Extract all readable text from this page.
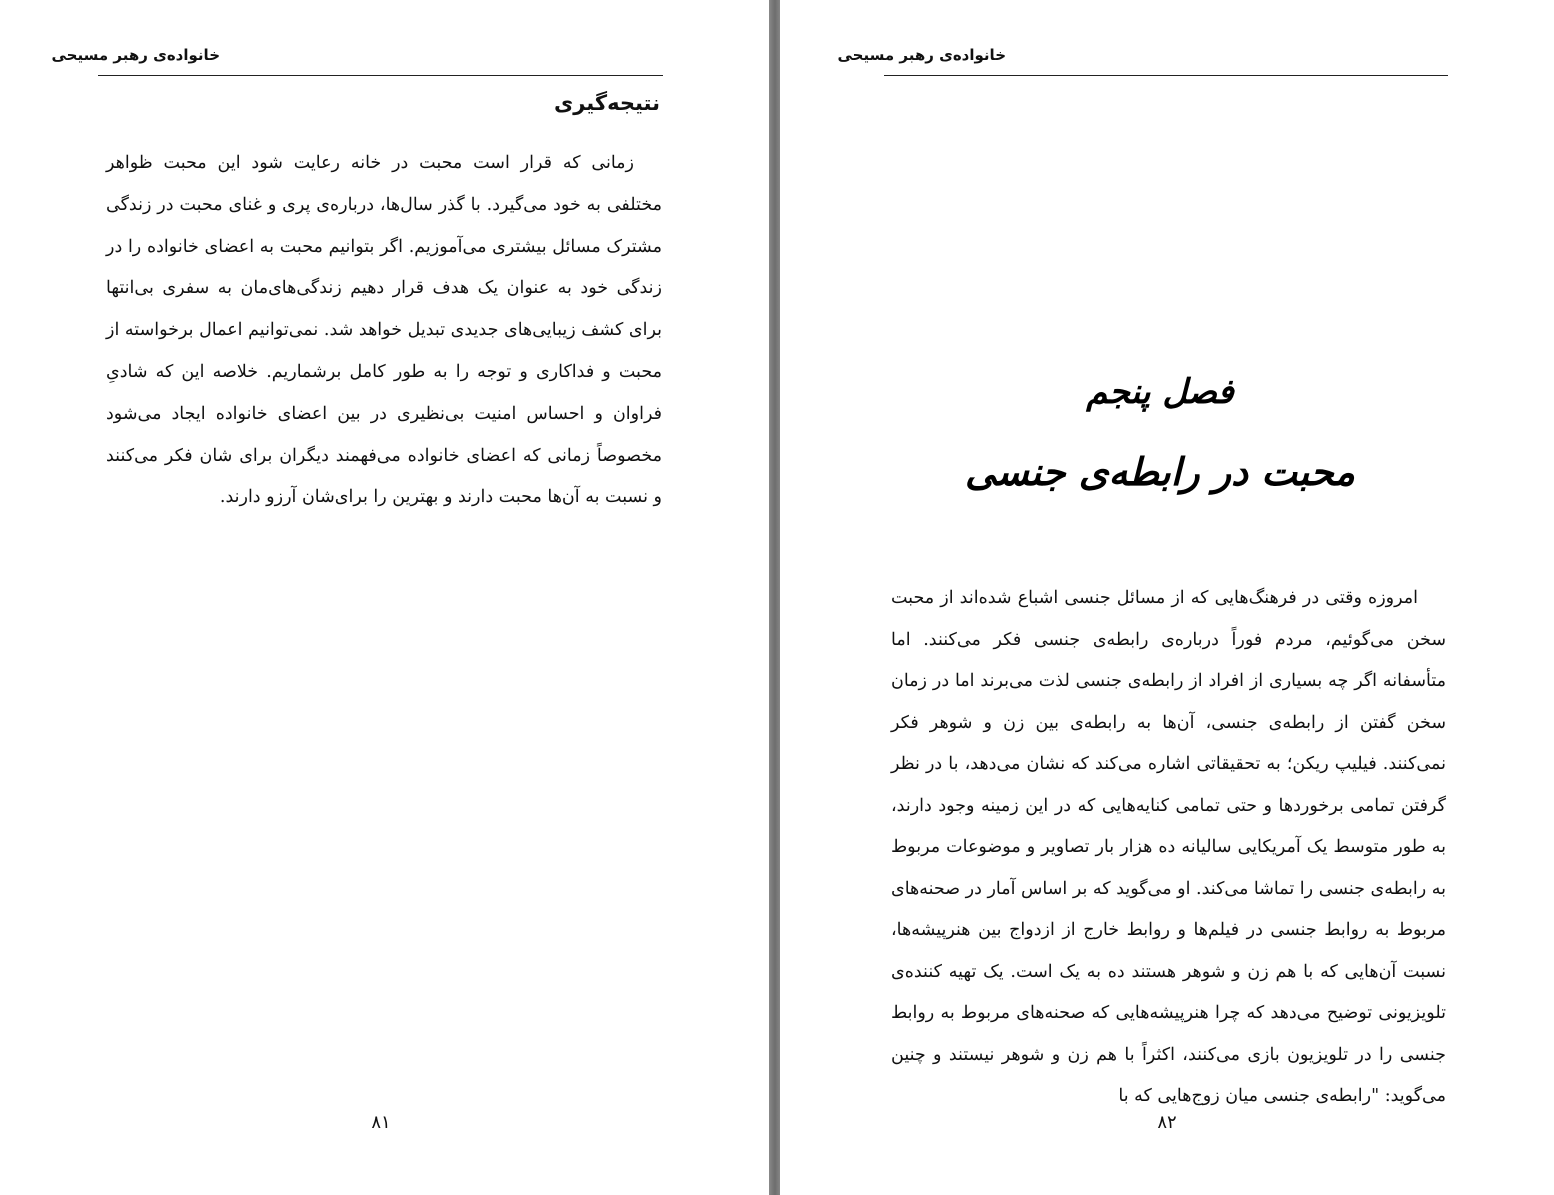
خانواده‌ی رهبر مسیحی
نتیجه‌گیری

زمانی که قرار است محبت در خانه رعایت شود این محبت ظواهر مختلفی به خود می‌گیرد. با گذر سال‌ها، درباره‌ی پری و غنای محبت در زندگی مشترک مسائل بیشتری می‌آموزیم. اگر بتوانیم محبت به اعضای خانواده را در زندگی خود به عنوان یک هدف قرار دهیم زندگی‌های‌مان به سفری بی‌انتها برای کشف زیبایی‌های جدیدی تبدیل خواهد شد. نمی‌توانیم اعمال برخواسته از محبت و فداکاری و توجه را به طور کامل برشماریم. خلاصه این که شادیِ فراوان و احساس امنیت بی‌نظیری در بین اعضای خانواده ایجاد می‌شود مخصوصاً زمانی که اعضای خانواده می‌فهمند دیگران برای شان فکر می‌کنند و نسبت به آن‌ها محبت دارند و بهترین را برای‌شان آرزو دارند.

۸۱
خانواده‌ی رهبر مسیحی
فصل پنجم
محبت در رابطه‌ی جنسی

امروزه وقتی در فرهنگ‌هایی که از مسائل جنسی اشباع شده‌اند از محبت سخن می‌گوئیم، مردم فوراً درباره‌ی رابطه‌ی جنسی فکر می‌کنند. اما متأسفانه اگر چه بسیاری از افراد از رابطه‌ی جنسی لذت می‌برند اما در زمان سخن گفتن از رابطه‌ی جنسی، آن‌ها به رابطه‌ی بین زن و شوهر فکر نمی‌کنند. فیلیپ ریکن؛ به تحقیقاتی اشاره می‌کند که نشان می‌دهد، با در نظر گرفتن تمامی برخوردها و حتی تمامی کنایه‌هایی که در این زمینه وجود دارند، به طور متوسط یک آمریکایی سالیانه ده هزار بار تصاویر و موضوعات مربوط به رابطه‌ی جنسی را تماشا می‌کند. او می‌گوید که بر اساس آمار در صحنه‌های مربوط به روابط جنسی در فیلم‌ها و روابط خارج از ازدواج بین هنرپیشه‌ها، نسبت آن‌هایی که با هم زن و شوهر هستند ده به یک است. یک تهیه کننده‌ی تلویزیونی توضیح می‌دهد که چرا هنرپیشه‌هایی که صحنه‌های مربوط به روابط جنسی را در تلویزیون بازی می‌کنند، اکثراً با هم زن و شوهر نیستند و چنین می‌گوید: "رابطه‌ی جنسی میان زوج‌هایی که با

۸۲
